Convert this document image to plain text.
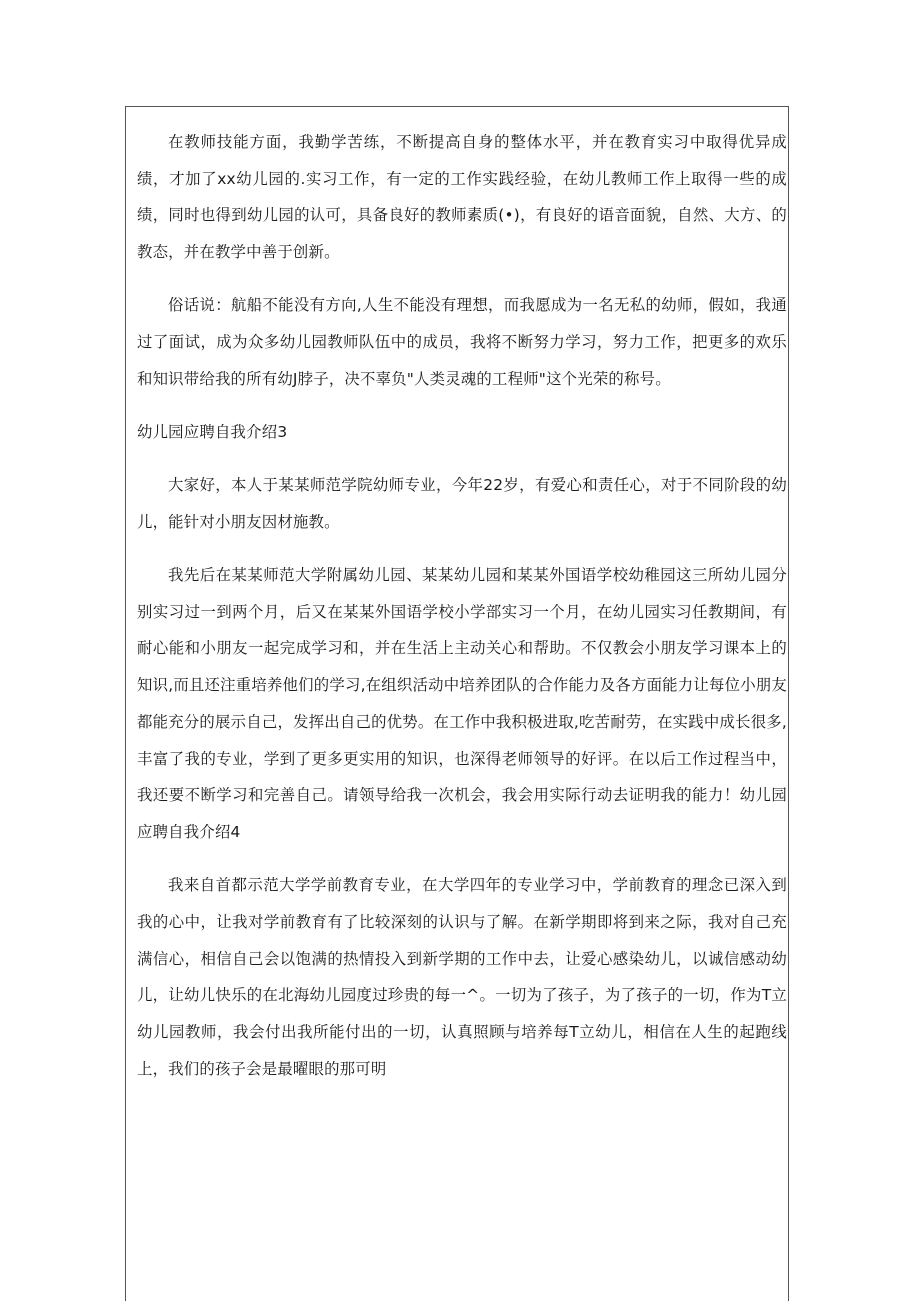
在教师技能方面，我勤学苦练，不断提高自身的整体水平，并在教育实习中取得优异成绩，才加了xx幼儿园的.实习工作，有一定的工作实践经验，在幼儿教师工作上取得一些的成绩，同时也得到幼儿园的认可，具备良好的教师素质(•)，有良好的语音面貌，自然、大方、的教态，并在教学中善于创新。

俗话说：航船不能没有方向,人生不能没有理想，而我愿成为一名无私的幼师，假如，我通过了面试，成为众多幼儿园教师队伍中的成员，我将不断努力学习，努力工作，把更多的欢乐和知识带给我的所有幼J脖子，决不辜负"人类灵魂的工程师"这个光荣的称号。

幼儿园应聘自我介绍3

大家好，本人于某某师范学院幼师专业，今年22岁，有爱心和责任心，对于不同阶段的幼儿，能针对小朋友因材施教。

我先后在某某师范大学附属幼儿园、某某幼儿园和某某外国语学校幼稚园这三所幼儿园分别实习过一到两个月，后又在某某外国语学校小学部实习一个月，在幼儿园实习任教期间，有耐心能和小朋友一起完成学习和，并在生活上主动关心和帮助。不仅教会小朋友学习课本上的知识,而且还注重培养他们的学习,在组织活动中培养团队的合作能力及各方面能力让每位小朋友都能充分的展示自己，发挥出自己的优势。在工作中我积极进取,吃苦耐劳，在实践中成长很多,丰富了我的专业，学到了更多更实用的知识，也深得老师领导的好评。在以后工作过程当中，我还要不断学习和完善自己。请领导给我一次机会，我会用实际行动去证明我的能力！幼儿园应聘自我介绍4

我来自首都示范大学学前教育专业，在大学四年的专业学习中，学前教育的理念已深入到我的心中，让我对学前教育有了比较深刻的认识与了解。在新学期即将到来之际，我对自己充满信心，相信自己会以饱满的热情投入到新学期的工作中去，让爱心感染幼儿，以诚信感动幼儿，让幼儿快乐的在北海幼儿园度过珍贵的每一^。一切为了孩子，为了孩子的一切，作为T立幼儿园教师，我会付出我所能付出的一切，认真照顾与培养每T立幼儿，相信在人生的起跑线上，我们的孩子会是最曜眼的那可明
